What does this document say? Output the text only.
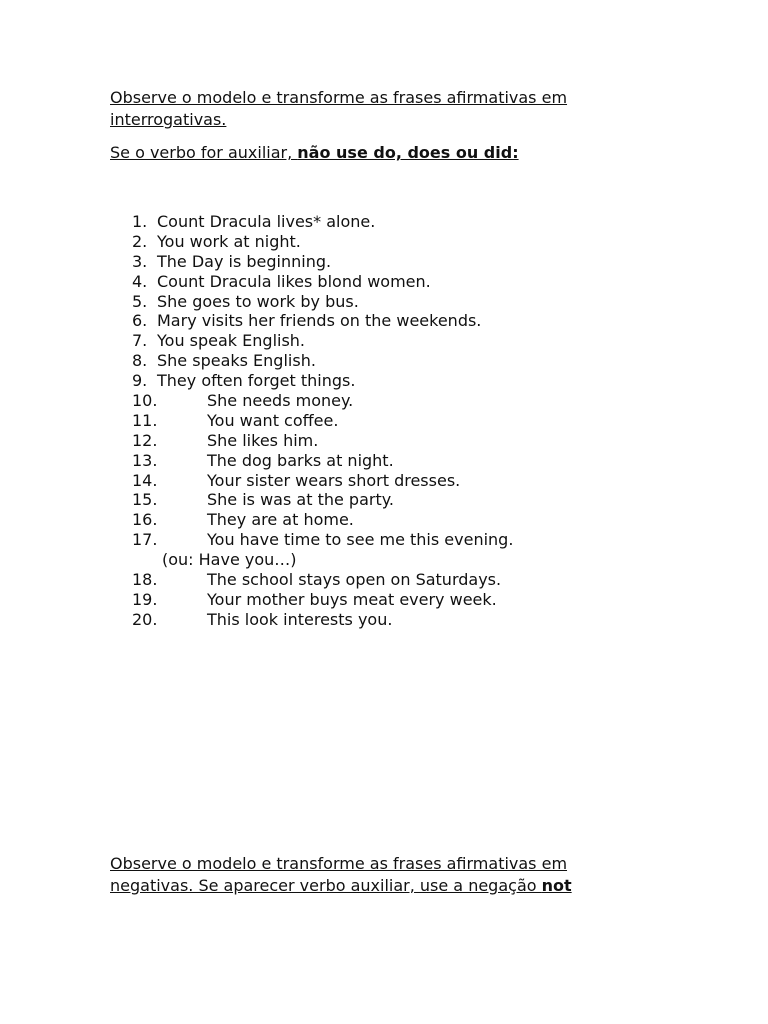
Observe o modelo e transforme as frases afirmativas em
interrogativas.
Se o verbo for auxiliar, não use do, does ou did:
1. Count Dracula lives* alone.
2. You work at night.
3. The Day is beginning.
4. Count Dracula likes blond women.
5. She goes to work by bus.
6. Mary visits her friends on the weekends.
7. You speak English.
8. She speaks English.
9. They often forget things.
10.	She needs money.
11.	You want coffee.
12.	She likes him.
13.	The dog barks at night.
14.	Your sister wears short dresses.
15.	She is was at the party.
16.	They are at home.
17.	You have time to see me this evening.
(ou: Have you…)
18.	The school stays open on Saturdays.
19.	Your mother buys meat every week.
20.	This look interests you.
Observe o modelo e transforme as frases afirmativas em
negativas. Se aparecer verbo auxiliar, use a negação not
